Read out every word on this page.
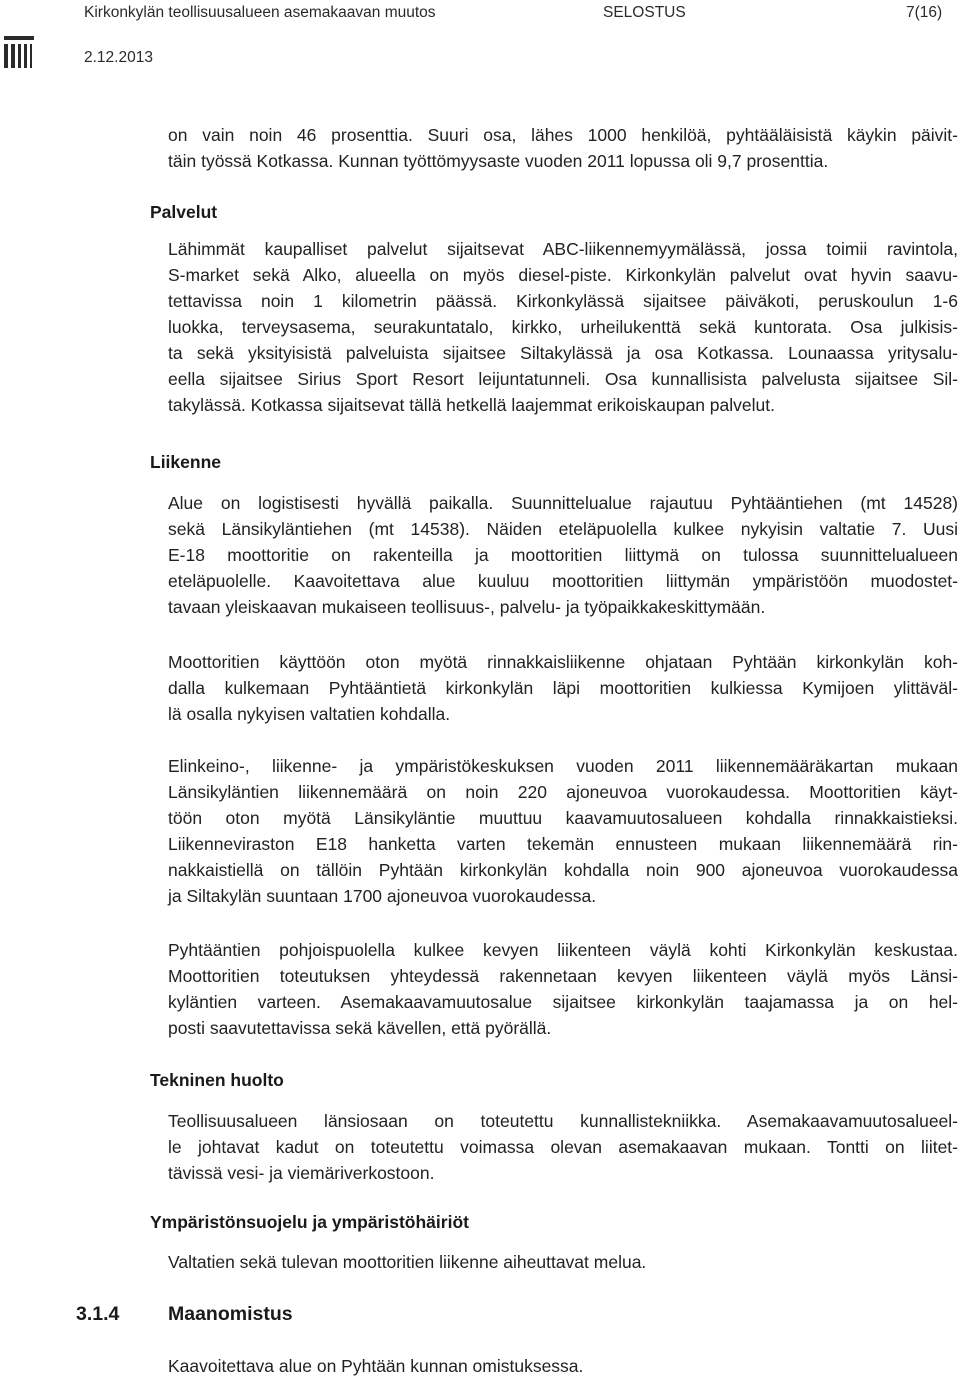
Kirkonkylän teollisuusalueen asemakaavan muutos	SELOSTUS	7(16)
2.12.2013
on vain noin 46 prosenttia. Suuri osa, lähes 1000 henkilöä, pyhtääläisistä käykin päivit-
täin työssä Kotkassa. Kunnan työttömyysaste vuoden 2011 lopussa oli 9,7 prosenttia.
Palvelut
Lähimmät kaupalliset palvelut sijaitsevat ABC-liikennemyymälässä, jossa toimii ravintola,
S-market sekä Alko, alueella on myös diesel-piste. Kirkonkylän palvelut ovat hyvin saavu-
tettavissa noin 1 kilometrin päässä. Kirkonkylässä sijaitsee päiväkoti, peruskoulun 1-6
luokka, terveysasema, seurakuntatalo, kirkko, urheilukenttä sekä kuntorata. Osa julkisis-
ta sekä yksityisistä palveluista sijaitsee Siltakylässä ja osa Kotkassa. Lounaassa yritysalu-
eella sijaitsee Sirius Sport Resort leijuntatunneli. Osa kunnallisista palvelusta sijaitsee Sil-
takylässä. Kotkassa sijaitsevat tällä hetkellä laajemmat erikoiskaupan palvelut.
Liikenne
Alue on logistisesti hyvällä paikalla. Suunnittelualue rajautuu Pyhtääntiehen (mt 14528)
sekä Länsikyläntiehen (mt 14538). Näiden eteläpuolella kulkee nykyisin valtatie 7. Uusi
E-18 moottoritie on rakenteilla ja moottoritien liittymä on tulossa suunnittelualueen
eteläpuolelle. Kaavoitettava alue kuuluu moottoritien liittymän ympäristöön muodostet-
tavaan yleiskaavan mukaiseen teollisuus-, palvelu- ja työpaikkakeskittymään.
Moottoritien käyttöön oton myötä rinnakkaisliikenne ohjataan Pyhtään kirkonkylän koh-
dalla kulkemaan Pyhtääntietä kirkonkylän läpi moottoritien kulkiessa Kymijoen ylittäväl-
lä osalla nykyisen valtatien kohdalla.
Elinkeino-, liikenne- ja ympäristökeskuksen vuoden 2011 liikennemääräkartan mukaan
Länsikyläntien liikennemäärä on noin 220 ajoneuvoa vuorokaudessa. Moottoritien käyt-
töön oton myötä Länsikyläntie muuttuu kaavamuutosalueen kohdalla rinnakkaistieksi.
Liikenneviraston E18 hanketta varten tekemän ennusteen mukaan liikennemäärä rin-
nakkaistiellä on tällöin Pyhtään kirkonkylän kohdalla noin 900 ajoneuvoa vuorokaudessa
ja Siltakylän suuntaan 1700 ajoneuvoa vuorokaudessa.
Pyhtääntien pohjoispuolella kulkee kevyen liikenteen väylä kohti Kirkonkylän keskustaa.
Moottoritien toteutuksen yhteydessä rakennetaan kevyen liikenteen väylä myös Länsi-
kyläntien varteen. Asemakaavamuutosalue sijaitsee kirkonkylän taajamassa ja on hel-
posti saavutettavissa sekä kävellen, että pyörällä.
Tekninen huolto
Teollisuusalueen länsiosaan on toteutettu kunnallistekniikka. Asemakaavamuutosalueel-
le johtavat kadut on toteutettu voimassa olevan asemakaavan mukaan. Tontti on liitet-
tävissä vesi- ja viemäriverkostoon.
Ympäristönsuojelu ja ympäristöhäiriöt
Valtatien sekä tulevan moottoritien liikenne aiheuttavat melua.
3.1.4 Maanomistus
Kaavoitettava alue on Pyhtään kunnan omistuksessa.
